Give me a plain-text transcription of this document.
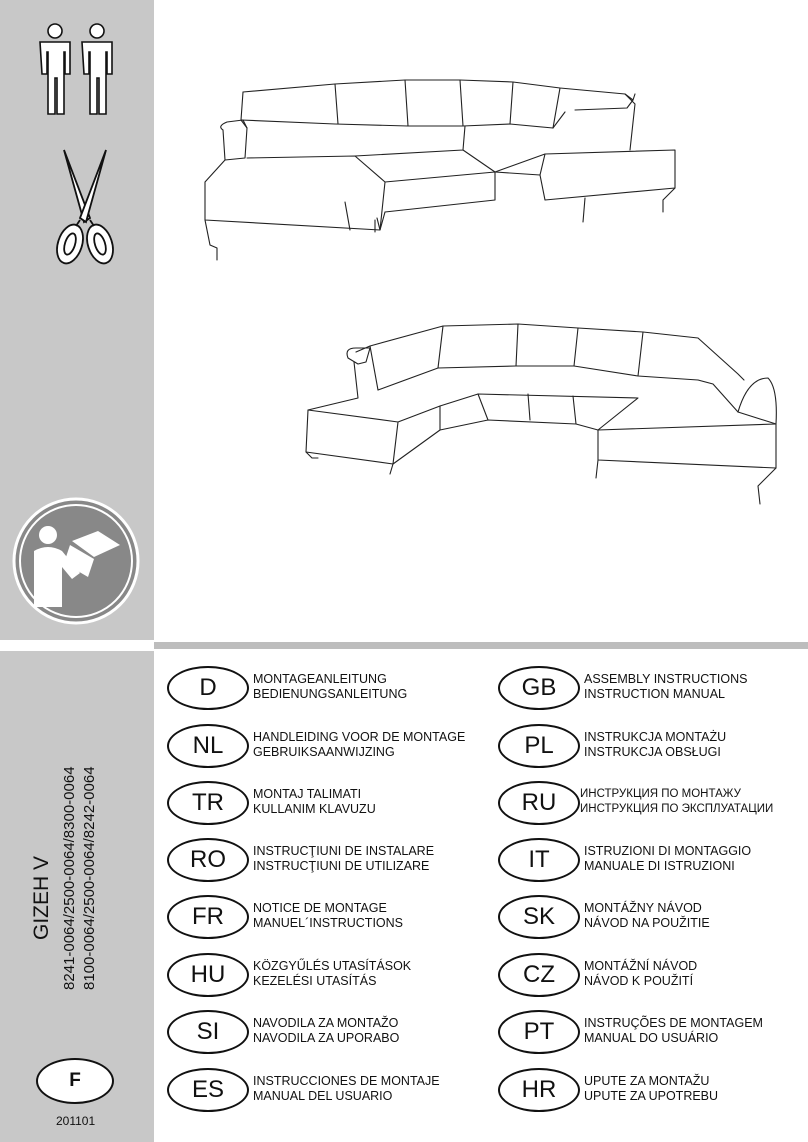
GIZEH V 8241-0064/2500-0064/8300-0064 8100-0064/2500-0064/8242-0064
F
201101
D	MONTAGEANLEITUNG
BEDIENUNGSANLEITUNG
NL	HANDLEIDING VOOR DE MONTAGE
GEBRUIKSAANWIJZING
TR	MONTAJ TALIMATI
KULLANIM KLAVUZU
RO	INSTRUCŢIUNI DE INSTALARE
INSTRUCŢIUNI DE UTILIZARE
FR	NOTICE DE MONTAGE
MANUEL´INSTRUCTIONS
HU	KÖZGYŰLÉS UTASÍTÁSOK
KEZELÉSI UTASÍTÁS
SI	NAVODILA ZA MONTAŽO
NAVODILA ZA UPORABO
ES	INSTRUCCIONES DE MONTAJE
MANUAL DEL USUARIO
GB	ASSEMBLY INSTRUCTIONS
INSTRUCTION MANUAL
PL	INSTRUKCJA MONTAŻU
INSTRUKCJA OBSŁUGI
RU	ИНСТРУКЦИЯ ПО МОНТАЖУ
ИНСТРУКЦИЯ ПО ЭКСПЛУАТАЦИИ
IT	ISTRUZIONI DI MONTAGGIO
MANUALE DI ISTRUZIONI
SK	MONTÁŽNY NÁVOD
NÁVOD NA POUŽITIE
CZ	MONTÁŽNÍ NÁVOD
NÁVOD K POUŽITÍ
PT	INSTRUÇÕES DE MONTAGEM
MANUAL DO USUÁRIO
HR	UPUTE ZA MONTAŽU
UPUTE ZA UPOTREBU
